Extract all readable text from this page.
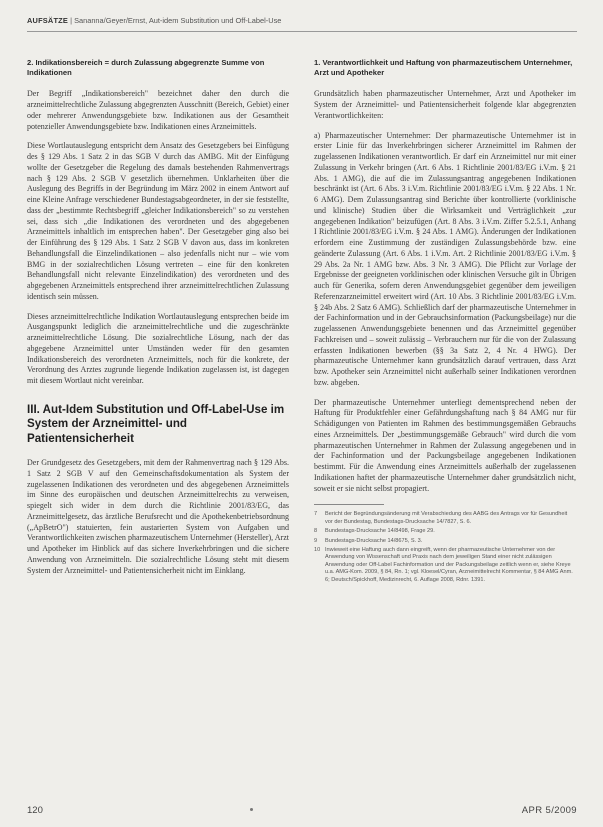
AUFSÄTZE | Sananna/Geyer/Ernst, Aut-idem Substitution und Off-Label-Use
2. Indikationsbereich = durch Zulassung abgegrenzte Summe von Indikationen

Der Begriff „Indikationsbereich" bezeichnet daher den durch die arzneimittelrechtliche Zulassung abgegrenzten Ausschnitt (Bereich, Gebiet) einer oder mehrerer Anwendungsgebiete bzw. Indikationen aus der Gesamtheit potenzieller Anwendungsgebiete bzw. Indikationen eines Arzneimittels.

Diese Wortlautauslegung entspricht dem Ansatz des Gesetzgebers bei Einfügung des § 129 Abs. 1 Satz 2 in das SGB V durch das AMBG. Mit der Einfügung wollte der Gesetzgeber die Regelung des damals bestehenden Rahmenvertrags nach § 129 Abs. 2 SGB V gesetzlich übernehmen. Unklarheiten über die Auslegung des Begriffs in der Begründung im März 2002 in einem Antwort auf eine Kleine Anfrage verschiedener Bundestagsabgeordneter, in der sie feststellte, dass der „bestimmte Rechtsbegriff „gleicher Indikationsbereich" so zu verstehen sei, dass sich „die Indikationen des verordneten und des abgegebenen Arzneimittels inhaltlich im entsprechen haben". Der Gesetzgeber ging also bei der Einführung des § 129 Abs. 1 Satz 2 SGB V davon aus, dass im konkreten Behandlungsfall die Einzelindikationen – also jedenfalls nicht nur – wie vom BMG in der sozialrechtlichen Lösung vertreten – eine für den konkreten Behandlungsfall nicht relevante Einzelindikation) des verordneten und des abgegebenen Arzneimittels entsprechend ihrer arzneimittelrechtlichen Zulassung identisch sein müssen.

Dieses arzneimittelrechtliche Indikation Wortlautauslegung entsprechen beide im Ausgangspunkt lediglich die arzneimittelrechtliche und die zugeschränkte arzneimittelrechtliche Lösung. Die sozialrechtliche Lösung, nach der das abgegebene Arzneimittel unter Umständen weder für den gesamten Indikationsbereich des verordneten Arzneimittels, noch für die konkrete, der Verordnung des Arztes zugrunde liegende Indikation zugelassen ist, ist dagegen mit diesem Wortlaut nicht vereinbar.

III. Aut-Idem Substitution und Off-Label-Use im System der Arzneimittel- und Patientensicherheit

Der Grundgesetz des Gesetzgebers, mit dem der Rahmenvertrag nach § 129 Abs. 1 Satz 2 SGB V auf den Gemeinschaftsdokumentation als System der zugelassenen Indikationen des verordneten und des abgegebenen Arzneimittels im Sinne des europäischen und deutschen Arzneimittelrechts zu verweisen, spiegelt sich wider in dem durch die Richtlinie 2001/83/EG, das Arzneimittelgesetz, das ärztliche Berufsrecht und die Apothekenbetriebsordnung („ApBetrO") statuierten, fein austarierten System von Aufgaben und Verantwortlichkeiten zwischen pharmazeutischem Unternehmer (Hersteller), Arzt und Apotheker im Hinblick auf das sichere Inverkehrbringen und die sichere Anwendung von Arzneimitteln. Die sozialrechtliche Lösung steht mit diesem System der Arzneimittel- und Patientensicherheit nicht im Einklang.

1. Verantwortlichkeit und Haftung von pharmazeutischem Unternehmer, Arzt und Apotheker

Grundsätzlich haben pharmazeutischer Unternehmer, Arzt und Apotheker im System der Arzneimittel- und Patientensicherheit folgende klar abgegrenzten Verantwortlichkeiten:

a) Pharmazeutischer Unternehmer: Der pharmazeutische Unternehmer ist in erster Linie für das Inverkehrbringen sicherer Arzneimittel im Rahmen der zugelassenen Indikationen verantwortlich. Er darf ein Arzneimittel nur mit einer Zulassung in Verkehr bringen (Art. 6 Abs. 1 Richtlinie 2001/83/EG i.V.m. § 21 Abs. 1 AMG), die auf die im Zulassungsantrag angegebenen Indikationen beschränkt ist (Art. 6 Abs. 3 i.V.m. Richtlinie 2001/83/EG i.V.m. § 22 Abs. 1 Nr. 6 AMG). Dem Zulassungsantrag sind Berichte über kontrollierte (vorklinische und klinische) Studien über die Wirksamkeit und Verträglichkeit „zur angegebenen Indikation" beizufügen (Art. 8 Abs. 3 i.V.m. Ziffer 5.2.5.1, Anhang I Richtlinie 2001/83/EG i.V.m. § 24 Abs. 1 AMG). Änderungen der Indikationen erfordern eine Zustimmung der zuständigen Zulassungsbehörde bzw. eine geänderte Zulassung (Art. 6 Abs. 1 i.V.m. Art. 2 Richtlinie 2001/83/EG i.V.m. § 29 Abs. 2a Nr. 1 AMG bzw. Abs. 3 Nr. 3 AMG). Die Pflicht zur Vorlage der Ergebnisse der geeigneten vorklinischen oder klinischen Versuche gilt in Übrigen auch für Generika, sofern deren Anwendungsgebiet gegenüber dem jeweiligen Referenzarzneimittel erweitert wird (Art. 10 Abs. 3 Richtlinie 2001/83/EG i.V.m. § 24b Abs. 2 Satz 6 AMG). Schließlich darf der pharmazeutische Unternehmer in der Fachinformation und in der Gebrauchsinformation (Packungsbeilage) nur die zugelassenen Anwendungsgebiete benennen und das Arzneimittel gegenüber Fachkreisen und – soweit zulässig – Verbrauchern nur für die von der Zulassung erfassten Indikationen bewerben (§§ 3a Satz 2, 4 Nr. 4 HWG). Der pharmazeutische Unternehmer kann grundsätzlich darauf vertrauen, dass Arzt bzw. Apotheker sein Arzneimittel nicht außerhalb seiner Indikationen verordnen bzw. abgeben.

Der pharmazeutische Unternehmer unterliegt dementsprechend neben der Haftung für Produktfehler einer Gefährdungshaftung nach § 84 AMG nur für Schädigungen von Patienten im Rahmen des bestimmungsgemäßen Gebrauchs eines Arzneimittels. Der „bestimmungsgemäße Gebrauch" wird durch die vom pharmazeutischen Unternehmer in Rahmen der Zulassung angegebenen und in der Fachinformation und der Packungsbeilage angegebenen Indikationen bestimmt. Für die Anwendung eines Arzneimittels außerhalb der zugelassenen Indikationen haftet der pharmazeutische Unternehmer daher grundsätzlich nicht, soweit er sie nicht selbst propagiert.

7	Bericht der Begründungsänderung mit Verabschiedung des AABG des Antrags vor für Gesundheit vor der Bundestag, Bundestags-Drucksache 14/7827, S. 6.
8	Bundestags-Drucksache 14/8498, Frage 29.
9	Bundestags-Drucksache 14/8675, S. 3.
10 Inwieweit eine Haftung auch dann eingreift, wenn der pharmazeutische Unternehmer von der Anwendung von Wissenschaft und Praxis nach dem jeweiligen Stand einer nicht zulässigen Anwendung oder Off-Label Fachinformation und der Packungsbeilage zeitlich wenn er, siehe Kreye u.a. AMG-Kom. 2009, § 84, Rn. 1; vgl. Kloesel/Cyran, Arzneimittelrecht Kommentar, § 84 AMG Anm. 6; Deutsch/Spickhoff, Medizinrecht, 6. Auflage 2008, Rdnr. 1391.
120	APR 5/2009
